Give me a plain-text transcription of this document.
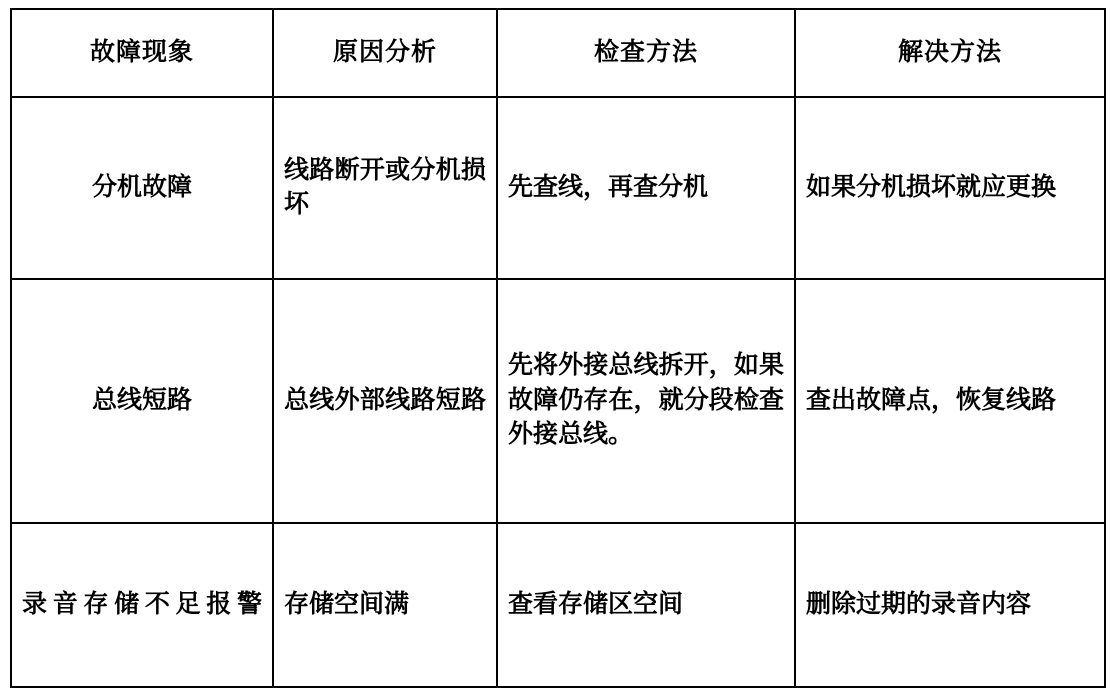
故障现象	原因分析	检查方法	解决方法

分机故障	线路断开或分机损坏	先查线，再查分机	如果分机损坏就应更换

总线短路	总线外部线路短路	先将外接总线拆开，如果故障仍存在，就分段检查外接总线。	查出故障点，恢复线路

录音存储不足报警	存储空间满	查看存储区空间	删除过期的录音内容
